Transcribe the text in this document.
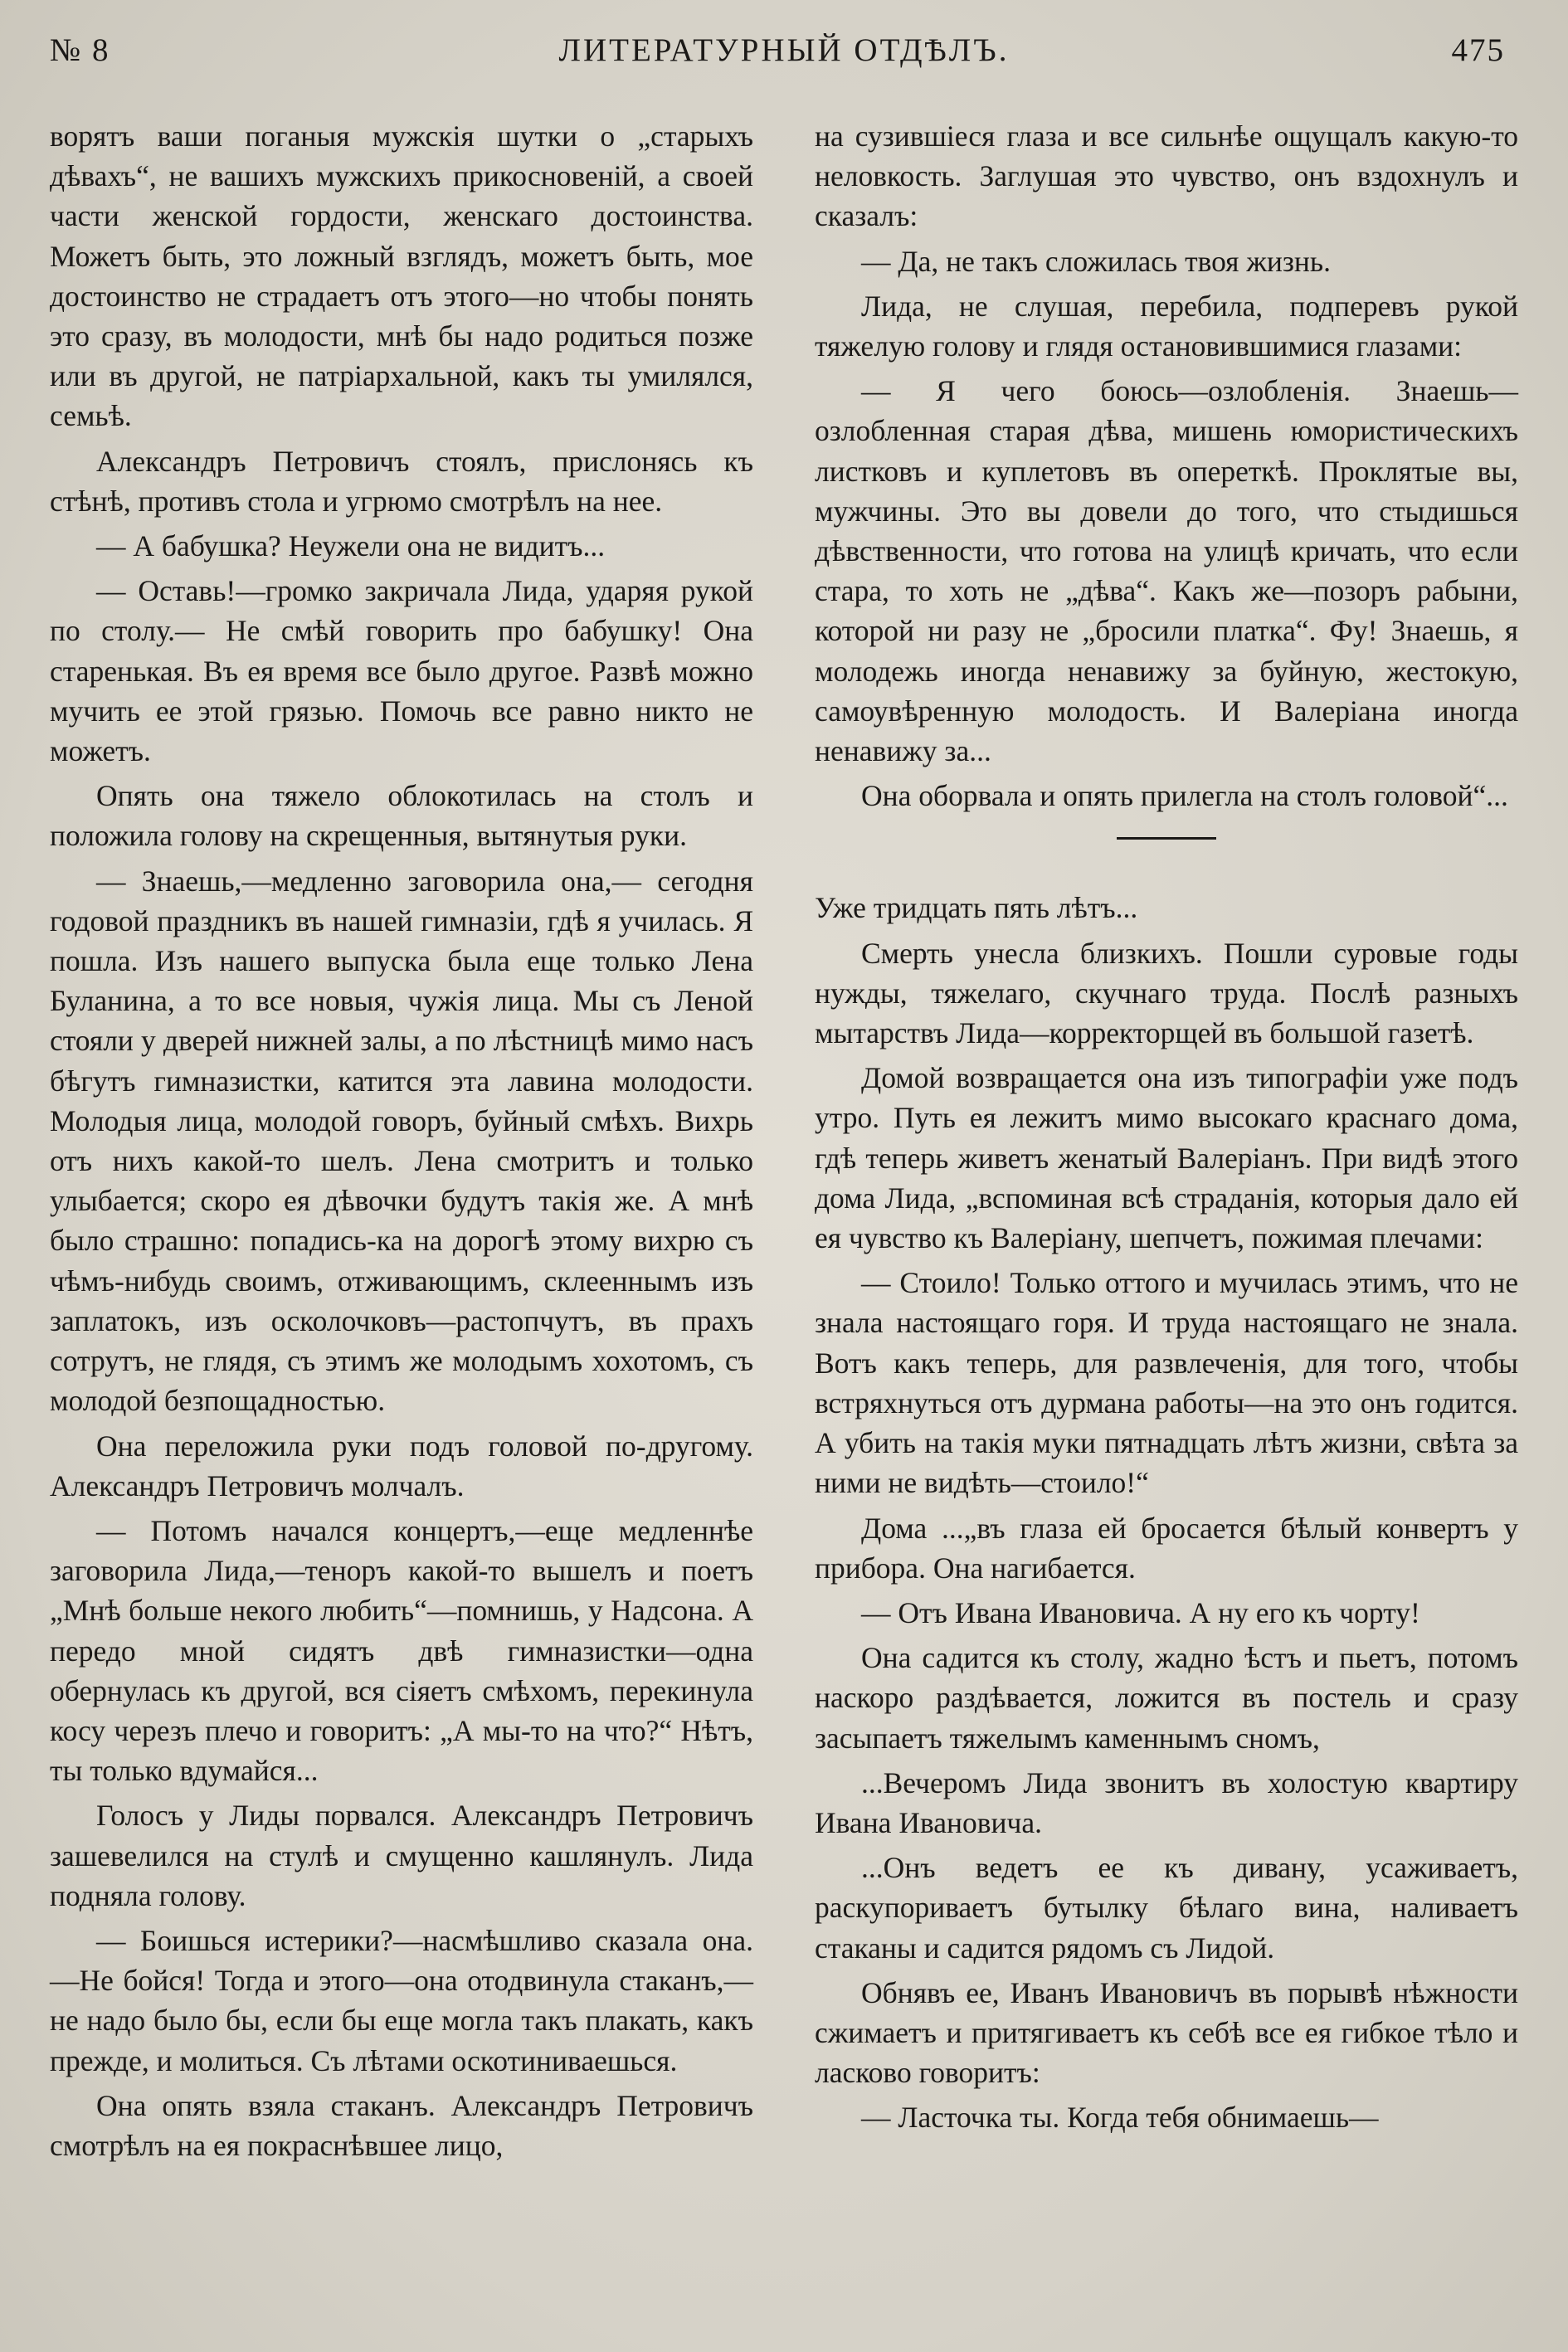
№ 8	ЛИТЕРАТУРНЫЙ ОТДѢЛЪ.	475

ворятъ ваши поганыя мужскія шутки о „старыхъ дѣвахъ“, не вашихъ мужскихъ прикосновеній, а своей части женской гордости, женскаго достоинства. Можетъ быть, это ложный взглядъ, можетъ быть, мое достоинство не страдаетъ отъ этого—но чтобы понять это сразу, въ молодости, мнѣ бы надо родиться позже или въ другой, не патріархальной, какъ ты умилялся, семьѣ.

Александръ Петровичъ стоялъ, прислонясь къ стѣнѣ, противъ стола и угрюмо смотрѣлъ на нее.

— А бабушка? Неужели она не видитъ...

— Оставь!—громко закричала Лида, ударяя рукой по столу.— Не смѣй говорить про бабушку! Она старенькая. Въ ея время все было другое. Развѣ можно мучить ее этой грязью. Помочь все равно никто не можетъ.

Опять она тяжело облокотилась на столъ и положила голову на скрещенныя, вытянутыя руки.

— Знаешь,—медленно заговорила она,— сегодня годовой праздникъ въ нашей гимназіи, гдѣ я училась. Я пошла. Изъ нашего выпуска была еще только Лена Буланина, а то все новыя, чужія лица. Мы съ Леной стояли у дверей нижней залы, а по лѣстницѣ мимо насъ бѣгутъ гимназистки, катится эта лавина молодости. Молодыя лица, молодой говоръ, буйный смѣхъ. Вихрь отъ нихъ какой-то шелъ. Лена смотритъ и только улыбается; скоро ея дѣвочки будутъ такія же. А мнѣ было страшно: попадись-ка на дорогѣ этому вихрю съ чѣмъ-нибудь своимъ, отживающимъ, склееннымъ изъ заплатокъ, изъ осколочковъ—растопчутъ, въ прахъ сотрутъ, не глядя, съ этимъ же молодымъ хохотомъ, съ молодой безпощадностью.

Она переложила руки подъ головой по-другому. Александръ Петровичъ молчалъ.

— Потомъ начался концертъ,—еще медленнѣе заговорила Лида,—теноръ какой-то вышелъ и поетъ „Мнѣ больше некого любить“—помнишь, у Надсона. А передо мной сидятъ двѣ гимназистки—одна обернулась къ другой, вся сіяетъ смѣхомъ, перекинула косу черезъ плечо и говоритъ: „А мы-то на что?“ Нѣтъ, ты только вдумайся...

Голосъ у Лиды порвался. Александръ Петровичъ зашевелился на стулѣ и смущенно кашлянулъ. Лида подняла голову.

— Боишься истерики?—насмѣшливо сказала она.—Не бойся! Тогда и этого—она отодвинула стаканъ,—не надо было бы, если бы еще могла такъ плакать, какъ прежде, и молиться. Съ лѣтами оскотиниваешься.

Она опять взяла стаканъ. Александръ Петровичъ смотрѣлъ на ея покраснѣвшее лицо,

на сузившіеся глаза и все сильнѣе ощущалъ какую-то неловкость. Заглушая это чувство, онъ вздохнулъ и сказалъ:

— Да, не такъ сложилась твоя жизнь.

Лида, не слушая, перебила, подперевъ рукой тяжелую голову и глядя остановившимися глазами:

— Я чего боюсь—озлобленія. Знаешь— озлобленная старая дѣва, мишень юмористическихъ листковъ и куплетовъ въ опереткѣ. Проклятые вы, мужчины. Это вы довели до того, что стыдишься дѣвственности, что готова на улицѣ кричать, что если стара, то хоть не „дѣва“. Какъ же—позоръ рабыни, которой ни разу не „бросили платка“. Фу! Знаешь, я молодежь иногда ненавижу за буйную, жестокую, самоувѣренную молодость. И Валеріана иногда ненавижу за...

Она оборвала и опять прилегла на столъ головой“...

Уже тридцать пять лѣтъ...

Смерть унесла близкихъ. Пошли суровые годы нужды, тяжелаго, скучнаго труда. Послѣ разныхъ мытарствъ Лида—корректорщей въ большой газетѣ.

Домой возвращается она изъ типографіи уже подъ утро. Путь ея лежитъ мимо высокаго краснаго дома, гдѣ теперь живетъ женатый Валеріанъ. При видѣ этого дома Лида, „вспоминая всѣ страданія, которыя дало ей ея чувство къ Валеріану, шепчетъ, пожимая плечами:

— Стоило! Только оттого и мучилась этимъ, что не знала настоящаго горя. И труда настоящаго не знала. Вотъ какъ теперь, для развлеченія, для того, чтобы встряхнуться отъ дурмана работы—на это онъ годится. А убить на такія муки пятнадцать лѣтъ жизни, свѣта за ними не видѣть—стоило!“

Дома ...„въ глаза ей бросается бѣлый конвертъ у прибора. Она нагибается.

— Отъ Ивана Ивановича. А ну его къ чорту!

Она садится къ столу, жадно ѣстъ и пьетъ, потомъ наскоро раздѣвается, ложится въ постель и сразу засыпаетъ тяжелымъ каменнымъ сномъ,

...Вечеромъ Лида звонитъ въ холостую квартиру Ивана Ивановича.

...Онъ ведетъ ее къ дивану, усаживаетъ, раскупориваетъ бутылку бѣлаго вина, наливаетъ стаканы и садится рядомъ съ Лидой.

Обнявъ ее, Иванъ Ивановичъ въ порывѣ нѣжности сжимаетъ и притягиваетъ къ себѣ все ея гибкое тѣло и ласково говоритъ:

— Ласточка ты. Когда тебя обнимаешь—
